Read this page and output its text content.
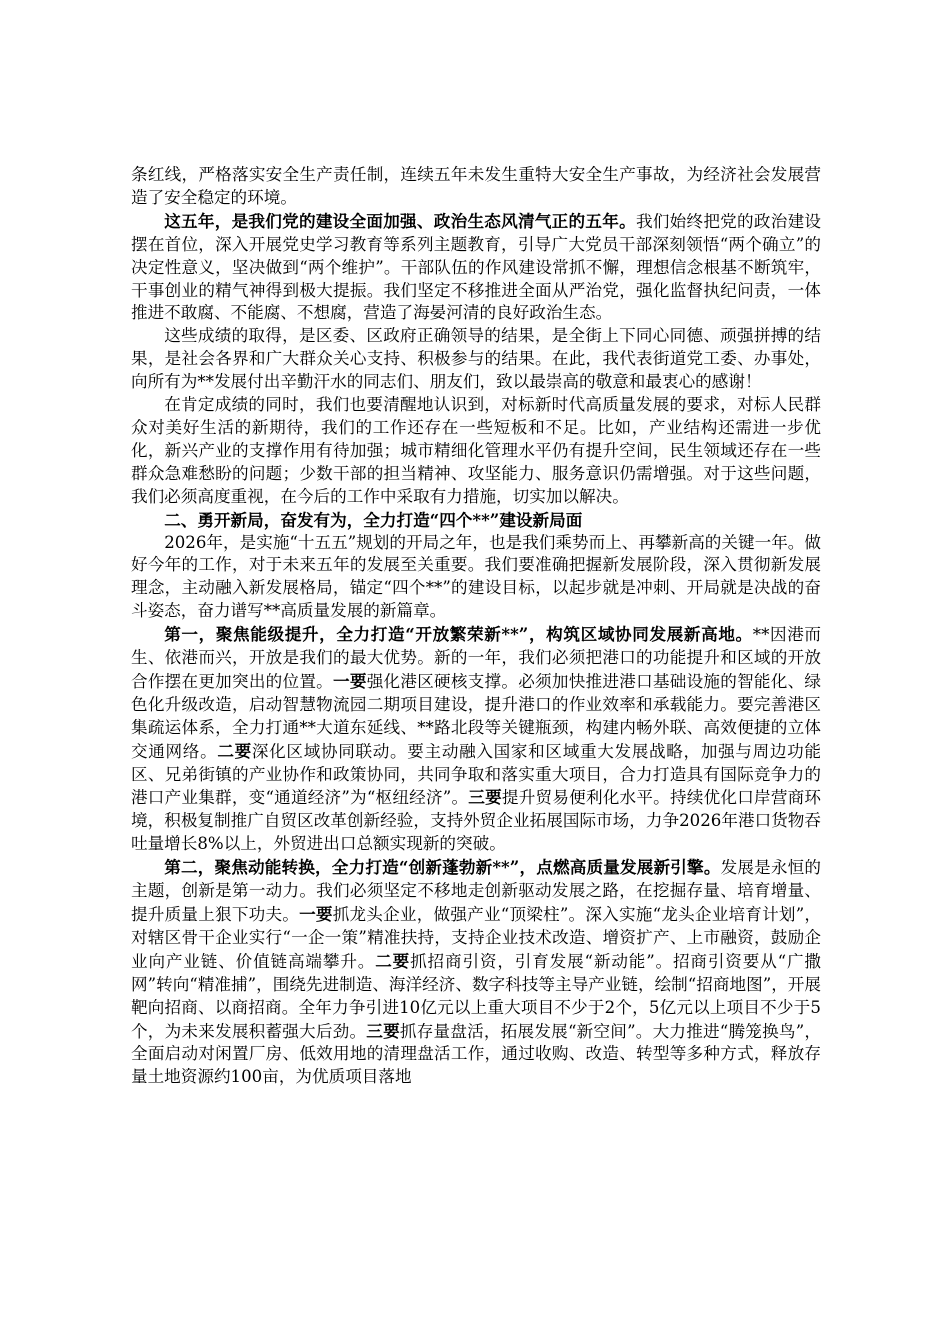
条红线，严格落实安全生产责任制，连续五年未发生重特大安全生产事故，为经济社会发展营造了安全稳定的环境。

这五年，是我们党的建设全面加强、政治生态风清气正的五年。我们始终把党的政治建设摆在首位，深入开展党史学习教育等系列主题教育，引导广大党员干部深刻领悟“两个确立”的决定性意义，坚决做到“两个维护”。干部队伍的作风建设常抓不懈，理想信念根基不断筑牢，干事创业的精气神得到极大提振。我们坚定不移推进全面从严治党，强化监督执纪问责，一体推进不敢腐、不能腐、不想腐，营造了海晏河清的良好政治生态。

这些成绩的取得，是区委、区政府正确领导的结果，是全街上下同心同德、顽强拼搏的结果，是社会各界和广大群众关心支持、积极参与的结果。在此，我代表街道党工委、办事处，向所有为**发展付出辛勤汗水的同志们、朋友们，致以最崇高的敬意和最衷心的感谢！

在肯定成绩的同时，我们也要清醒地认识到，对标新时代高质量发展的要求，对标人民群众对美好生活的新期待，我们的工作还存在一些短板和不足。比如，产业结构还需进一步优化，新兴产业的支撑作用有待加强；城市精细化管理水平仍有提升空间，民生领域还存在一些群众急难愁盼的问题；少数干部的担当精神、攻坚能力、服务意识仍需增强。对于这些问题，我们必须高度重视，在今后的工作中采取有力措施，切实加以解决。

二、勇开新局，奋发有为，全力打造“四个**”建设新局面

2026年，是实施“十五五”规划的开局之年，也是我们乘势而上、再攀新高的关键一年。做好今年的工作，对于未来五年的发展至关重要。我们要准确把握新发展阶段，深入贯彻新发展理念，主动融入新发展格局，锚定“四个**”的建设目标，以起步就是冲刺、开局就是决战的奋斗姿态，奋力谱写**高质量发展的新篇章。

第一，聚焦能级提升，全力打造“开放繁荣新**”，构筑区域协同发展新高地。**因港而生、依港而兴，开放是我们的最大优势。新的一年，我们必须把港口的功能提升和区域的开放合作摆在更加突出的位置。一要强化港区硬核支撑。必须加快推进港口基础设施的智能化、绿色化升级改造，启动智慧物流园二期项目建设，提升港口的作业效率和承载能力。要完善港区集疏运体系，全力打通**大道东延线、**路北段等关键瓶颈，构建内畅外联、高效便捷的立体交通网络。二要深化区域协同联动。要主动融入国家和区域重大发展战略，加强与周边功能区、兄弟街镇的产业协作和政策协同，共同争取和落实重大项目，合力打造具有国际竞争力的港口产业集群，变“通道经济”为“枢纽经济”。三要提升贸易便利化水平。持续优化口岸营商环境，积极复制推广自贸区改革创新经验，支持外贸企业拓展国际市场，力争2026年港口货物吞吐量增长8%以上，外贸进出口总额实现新的突破。

第二，聚焦动能转换，全力打造“创新蓬勃新**”，点燃高质量发展新引擎。发展是永恒的主题，创新是第一动力。我们必须坚定不移地走创新驱动发展之路，在挖掘存量、培育增量、提升质量上狠下功夫。一要抓龙头企业，做强产业“顶梁柱”。深入实施“龙头企业培育计划”，对辖区骨干企业实行“一企一策”精准扶持，支持企业技术改造、增资扩产、上市融资，鼓励企业向产业链、价值链高端攀升。二要抓招商引资，引育发展“新动能”。招商引资要从“广撒网”转向“精准捕”，围绕先进制造、海洋经济、数字科技等主导产业链，绘制“招商地图”，开展靶向招商、以商招商。全年力争引进10亿元以上重大项目不少于2个，5亿元以上项目不少于5个，为未来发展积蓄强大后劲。三要抓存量盘活，拓展发展“新空间”。大力推进“腾笼换鸟”，全面启动对闲置厂房、低效用地的清理盘活工作，通过收购、改造、转型等多种方式，释放存量土地资源约100亩，为优质项目落地
